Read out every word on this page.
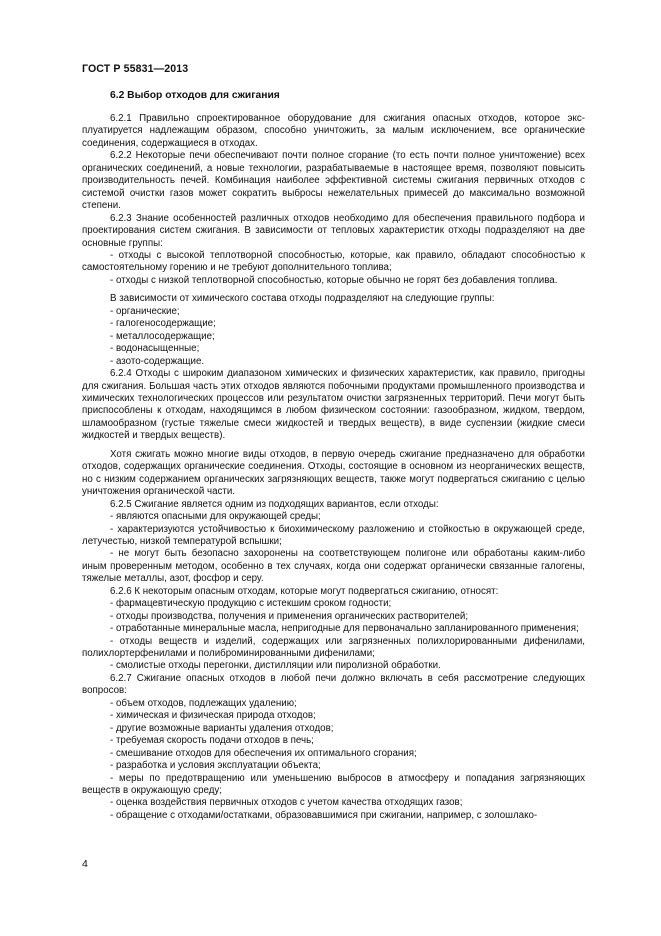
ГОСТ Р 55831—2013
6.2 Выбор отходов для сжигания

6.2.1 Правильно спроектированное оборудование для сжигания опасных отходов, которое эксплуатируется надлежащим образом, способно уничтожить, за малым исключением, все органические соединения, содержащиеся в отходах.

6.2.2 Некоторые печи обеспечивают почти полное сгорание (то есть почти полное уничтожение) всех органических соединений, а новые технологии, разрабатываемые в настоящее время, позволяют повысить производительность печей. Комбинация наиболее эффективной системы сжигания первичных отходов с системой очистки газов может сократить выбросы нежелательных примесей до максимально возможной степени.

6.2.3 Знание особенностей различных отходов необходимо для обеспечения правильного подбора и проектирования систем сжигания. В зависимости от тепловых характеристик отходы подразделяют на две основные группы:

- отходы с высокой теплотворной способностью, которые, как правило, обладают способностью к самостоятельному горению и не требуют дополнительного топлива;

- отходы с низкой теплотворной способностью, которые обычно не горят без добавления топлива.

В зависимости от химического состава отходы подразделяют на следующие группы:

- органические;

- галогеносодержащие;

- металлосодержащие;

- водонасыщенные;

- азото-содержащие.

6.2.4 Отходы с широким диапазоном химических и физических характеристик, как правило, пригодны для сжигания. Большая часть этих отходов являются побочными продуктами промышленного производства и химических технологических процессов или результатом очистки загрязненных территорий. Печи могут быть приспособлены к отходам, находящимся в любом физическом состоянии: газообразном, жидком, твердом, шламообразном (густые тяжелые смеси жидкостей и твердых веществ), в виде суспензии (жидкие смеси жидкостей и твердых веществ).

Хотя сжигать можно многие виды отходов, в первую очередь сжигание предназначено для обработки отходов, содержащих органические соединения. Отходы, состоящие в основном из неорганических веществ, но с низким содержанием органических загрязняющих веществ, также могут подвергаться сжиганию с целью уничтожения органической части.

6.2.5 Сжигание является одним из подходящих вариантов, если отходы:

- являются опасными для окружающей среды;

- характеризуются устойчивостью к биохимическому разложению и стойкостью в окружающей среде, летучестью, низкой температурой вспышки;

- не могут быть безопасно захоронены на соответствующем полигоне или обработаны каким-либо иным проверенным методом, особенно в тех случаях, когда они содержат органически связанные галогены, тяжелые металлы, азот, фосфор и серу.

6.2.6 К некоторым опасным отходам, которые могут подвергаться сжиганию, относят:

- фармацевтическую продукцию с истекшим сроком годности;

- отходы производства, получения и применения органических растворителей;

- отработанные минеральные масла, непригодные для первоначально запланированного применения;

- отходы веществ и изделий, содержащих или загрязненных полихлорированными дифенилами, полихлортерфенилами и полиброминированными дифенилами;

- смолистые отходы перегонки, дистилляции или пиролизной обработки.

6.2.7 Сжигание опасных отходов в любой печи должно включать в себя рассмотрение следующих вопросов:

- объем отходов, подлежащих удалению;

- химическая и физическая природа отходов;

- другие возможные варианты удаления отходов;

- требуемая скорость подачи отходов в печь;

- смешивание отходов для обеспечения их оптимального сгорания;

- разработка и условия эксплуатации объекта;

- меры по предотвращению или уменьшению выбросов в атмосферу и попадания загрязняющих веществ в окружающую среду;

- оценка воздействия первичных отходов с учетом качества отходящих газов;

- обращение с отходами/остатками, образовавшимися при сжигании, например, с золошлако-

4
